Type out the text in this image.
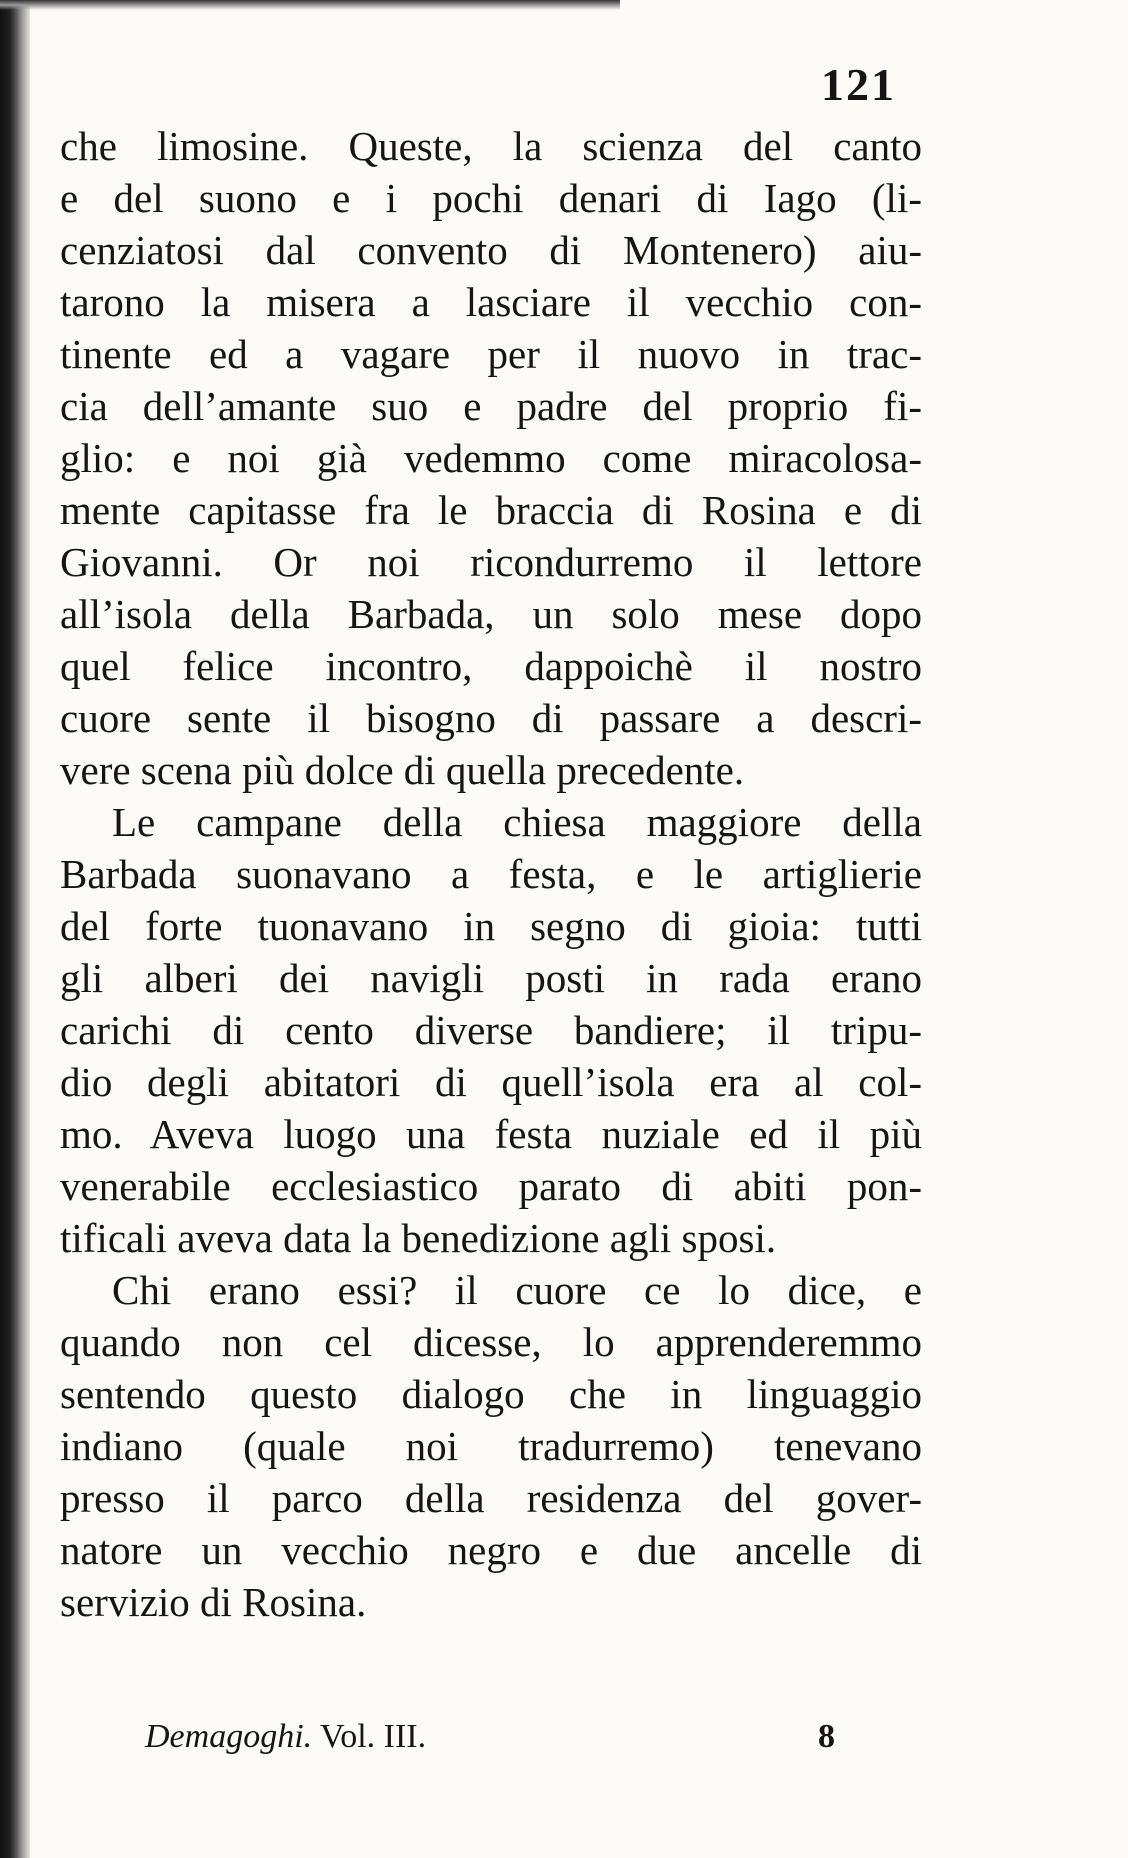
121
che limosine. Queste, la scienza del canto
e del suono e i pochi denari di Iago (li-
cenziatosi dal convento di Montenero) aiu-
tarono la misera a lasciare il vecchio con-
tinente ed a vagare per il nuovo in trac-
cia dell’amante suo e padre del proprio fi-
glio: e noi già vedemmo come miracolosa-
mente capitasse fra le braccia di Rosina e di
Giovanni. Or noi ricondurremo il lettore
all’isola della Barbada, un solo mese dopo
quel felice incontro, dappoichè il nostro
cuore sente il bisogno di passare a descri-
vere scena più dolce di quella precedente.
Le campane della chiesa maggiore della
Barbada suonavano a festa, e le artiglierie
del forte tuonavano in segno di gioia: tutti
gli alberi dei navigli posti in rada erano
carichi di cento diverse bandiere; il tripu-
dio degli abitatori di quell’isola era al col-
mo. Aveva luogo una festa nuziale ed il più
venerabile ecclesiastico parato di abiti pon-
tificali aveva data la benedizione agli sposi.
Chi erano essi? il cuore ce lo dice, e
quando non cel dicesse, lo apprenderemmo
sentendo questo dialogo che in linguaggio
indiano (quale noi tradurremo) tenevano
presso il parco della residenza del gover-
natore un vecchio negro e due ancelle di
servizio di Rosina.
Demagoghi. Vol. III.	8
